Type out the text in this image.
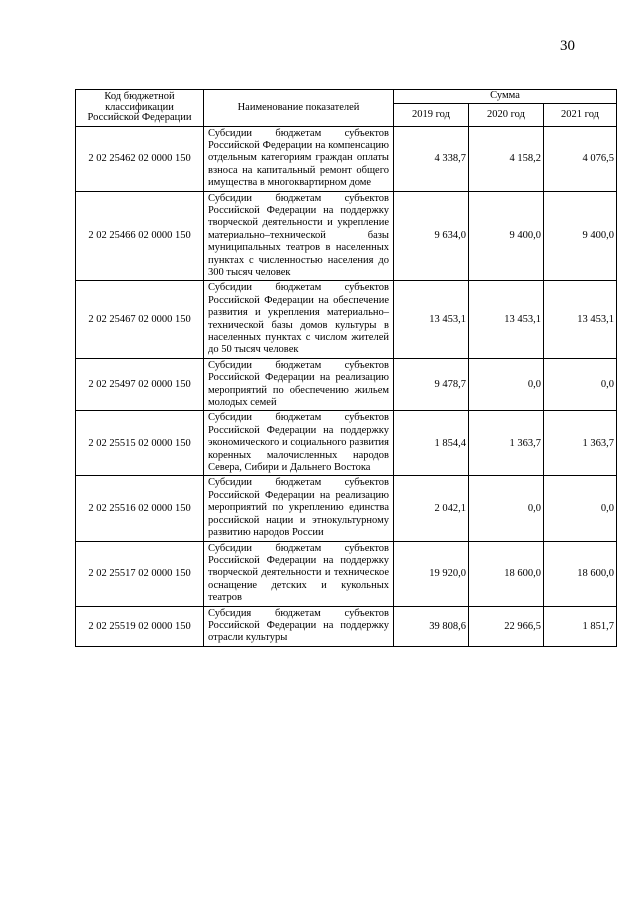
30
Код бюджетной классификации Российской Федерации	Наименование показателей	Сумма		
		2019 год	2020 год	2021 год
2 02 25462 02 0000 150	Субсидии бюджетам субъектов Российской Федерации на компенсацию отдельным категориям граждан оплаты взноса на капитальный ремонт общего имущества в многоквартирном доме	4 338,7	4 158,2	4 076,5
2 02 25466 02 0000 150	Субсидии бюджетам субъектов Российской Федерации на поддержку творческой деятельности и укрепление материально–технической базы муниципальных театров в населенных пунктах с численностью населения до 300 тысяч человек	9 634,0	9 400,0	9 400,0
2 02 25467 02 0000 150	Субсидии бюджетам субъектов Российской Федерации на обеспечение развития и укрепления материально–технической базы домов культуры в населенных пунктах с числом жителей до 50 тысяч человек	13 453,1	13 453,1	13 453,1
2 02 25497 02 0000 150	Субсидии бюджетам субъектов Российской Федерации на реализацию мероприятий по обеспечению жильем молодых семей	9 478,7	0,0	0,0
2 02 25515 02 0000 150	Субсидии бюджетам субъектов Российской Федерации на поддержку экономического и социального развития коренных малочисленных народов Севера, Сибири и Дальнего Востока	1 854,4	1 363,7	1 363,7
2 02 25516 02 0000 150	Субсидии бюджетам субъектов Российской Федерации на реализацию мероприятий по укреплению единства российской нации и этнокультурному развитию народов России	2 042,1	0,0	0,0
2 02 25517 02 0000 150	Субсидии бюджетам субъектов Российской Федерации на поддержку творческой деятельности и техническое оснащение детских и кукольных театров	19 920,0	18 600,0	18 600,0
2 02 25519 02 0000 150	Субсидия бюджетам субъектов Российской Федерации на поддержку отрасли культуры	39 808,6	22 966,5	1 851,7
